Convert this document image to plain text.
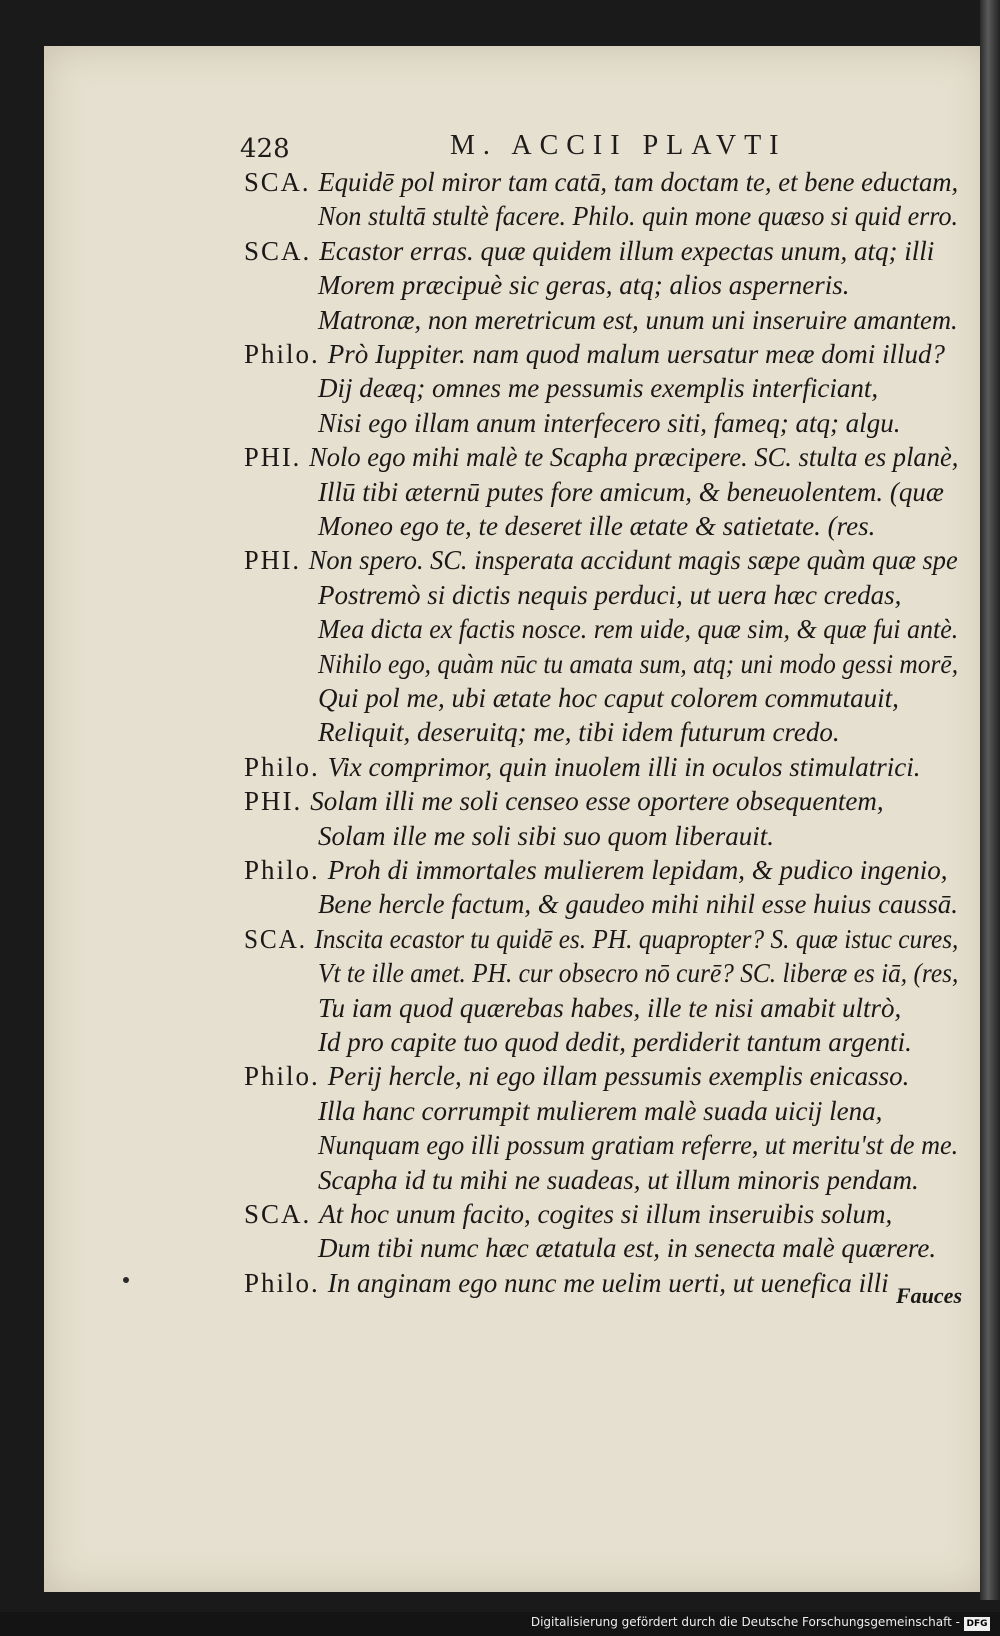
428	M. ACCII PLAVTI
SCA. Equidē pol miror tam catā, tam doctam te, et bene eductam,
Non stultā stultè facere. Philo. quin mone quæso si quid erro.
SCA. Ecastor erras. quæ quidem illum expectas unum, atq; illi
Morem præcipuè sic geras, atq; alios asperneris.
Matronæ, non meretricum est, unum uni inseruire amantem.
Philo. Prò Iuppiter. nam quod malum uersatur meæ domi illud?
Dij deæq; omnes me pessumis exemplis interficiant,
Nisi ego illam anum interfecero siti, fameq; atq; algu.
PHI. Nolo ego mihi malè te Scapha præcipere. SC. stulta es planè,
Illū tibi æternū putes fore amicum, & beneuolentem. (quæ
Moneo ego te, te deseret ille ætate & satietate. (res.
PHI. Non spero. SC. insperata accidunt magis sæpe quàm quæ spe
Postremò si dictis nequis perduci, ut uera hæc credas,
Mea dicta ex factis nosce. rem uide, quæ sim, & quæ fui antè.
Nihilo ego, quàm nūc tu amata sum, atq; uni modo gessi morē,
Qui pol me, ubi ætate hoc caput colorem commutauit,
Reliquit, deseruitq; me, tibi idem futurum credo.
Philo. Vix comprimor, quin inuolem illi in oculos stimulatrici.
PHI. Solam illi me soli censeo esse oportere obsequentem,
Solam ille me soli sibi suo quom liberauit.
Philo. Proh di immortales mulierem lepidam, & pudico ingenio,
Bene hercle factum, & gaudeo mihi nihil esse huius caussā.
SCA. Inscita ecastor tu quidē es. PH. quapropter? S. quæ istuc cures,
Vt te ille amet. PH. cur obsecro nō curē? SC. liberæ es iā, (res,
Tu iam quod quærebas habes, ille te nisi amabit ultrò,
Id pro capite tuo quod dedit, perdiderit tantum argenti.
Philo. Perij hercle, ni ego illam pessumis exemplis enicasso.
Illa hanc corrumpit mulierem malè suada uicij lena,
Nunquam ego illi possum gratiam referre, ut meritu'st de me.
Scapha id tu mihi ne suadeas, ut illum minoris pendam.
SCA. At hoc unum facito, cogites si illum inseruibis solum,
Dum tibi numc hæc ætatula est, in senecta malè quærere.
Philo. In anginam ego nunc me uelim uerti, ut uenefica illi Fauces
Digitalisierung gefördert durch die Deutsche Forschungsgemeinschaft - DFG
